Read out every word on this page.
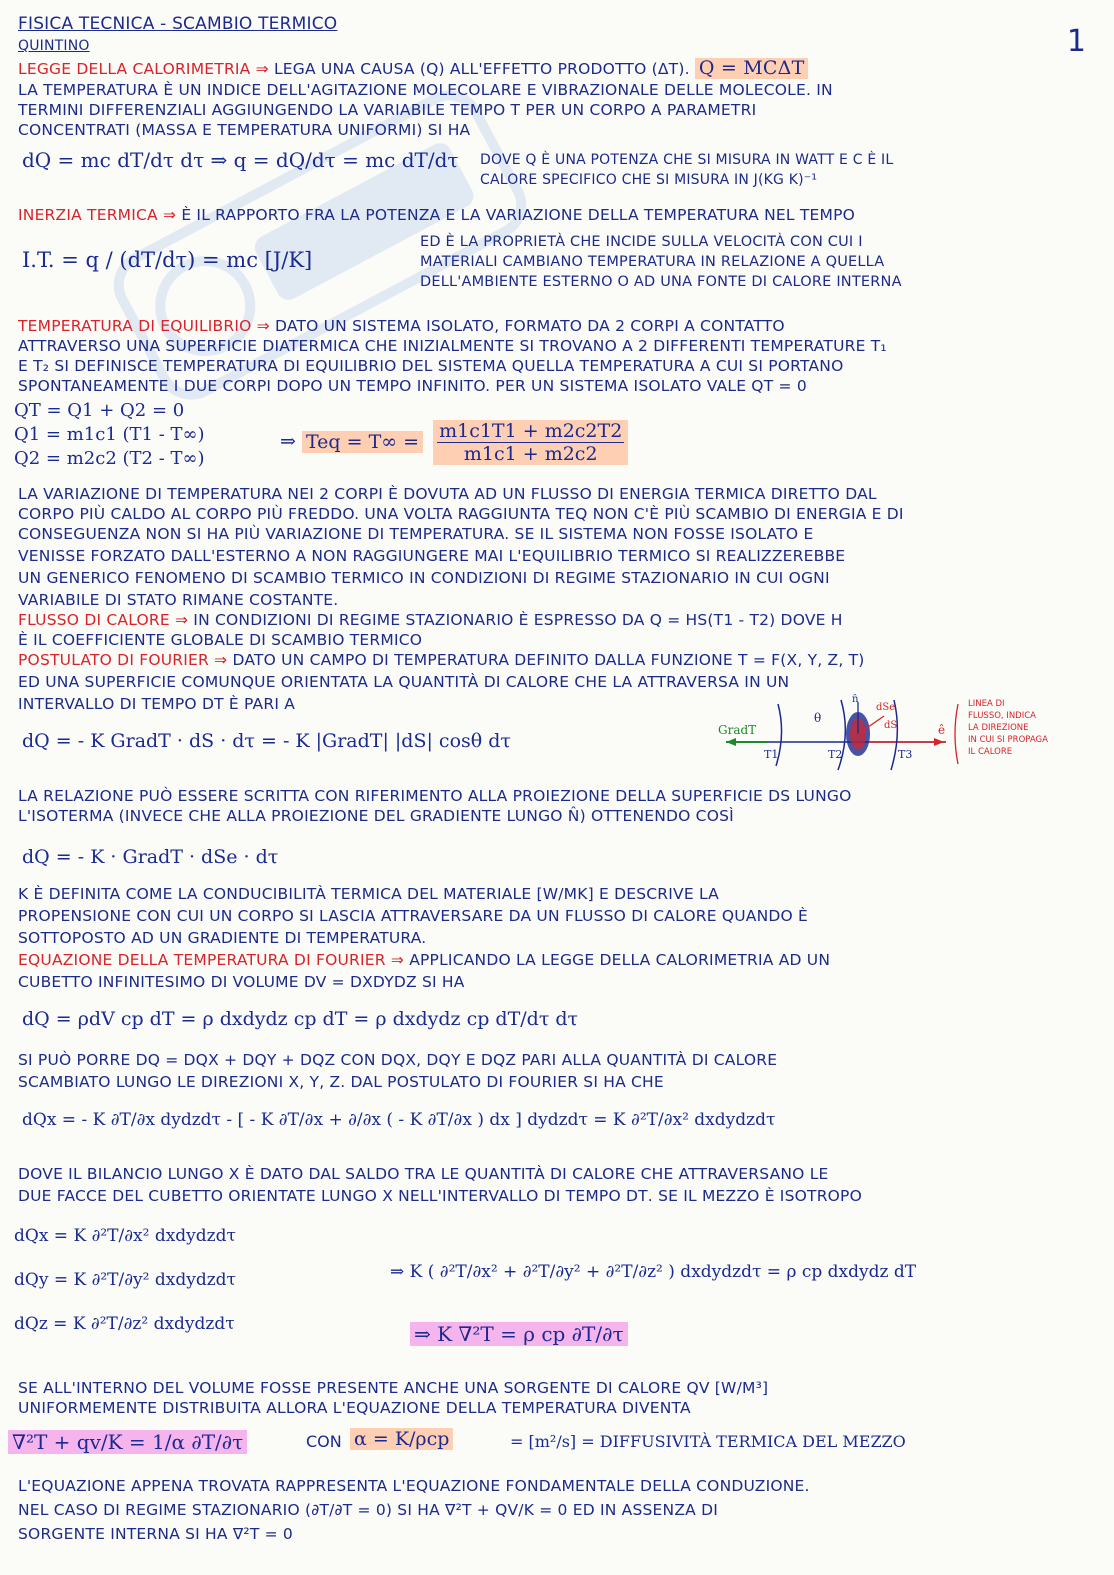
1
FISICA TECNICA - SCAMBIO TERMICO
QUINTINO
LEGGE DELLA CALORIMETRIA ⇒ LEGA UNA CAUSA (Q) ALL'EFFETTO PRODOTTO (ΔT). Q = MCΔT
LA TEMPERATURA È UN INDICE DELL'AGITAZIONE MOLECOLARE E VIBRAZIONALE DELLE MOLECOLE. IN
TERMINI DIFFERENZIALI AGGIUNGENDO LA VARIABILE TEMPO Τ PER UN CORPO A PARAMETRI
CONCENTRATI (MASSA E TEMPERATURA UNIFORMI) SI HA
dQ = mc dT/dτ dτ ⇒ q = dQ/dτ = mc dT/dτ DOVE Q È UNA POTENZA CHE SI MISURA IN WATT E C È IL
CALORE SPECIFICO CHE SI MISURA IN J(KG K)⁻¹
INERZIA TERMICA ⇒ È IL RAPPORTO FRA LA POTENZA E LA VARIAZIONE DELLA TEMPERATURA NEL TEMPO
I.T. = q / (dT/dτ) = mc [J/K]
ED È LA PROPRIETÀ CHE INCIDE SULLA VELOCITÀ CON CUI I
MATERIALI CAMBIANO TEMPERATURA IN RELAZIONE A QUELLA
DELL'AMBIENTE ESTERNO O AD UNA FONTE DI CALORE INTERNA
TEMPERATURA DI EQUILIBRIO ⇒ DATO UN SISTEMA ISOLATO, FORMATO DA 2 CORPI A CONTATTO
ATTRAVERSO UNA SUPERFICIE DIATERMICA CHE INIZIALMENTE SI TROVANO A 2 DIFFERENTI TEMPERATURE T₁
E T₂ SI DEFINISCE TEMPERATURA DI EQUILIBRIO DEL SISTEMA QUELLA TEMPERATURA A CUI SI PORTANO
SPONTANEAMENTE I DUE CORPI DOPO UN TEMPO INFINITO. PER UN SISTEMA ISOLATO VALE QT = 0
QT = Q1 + Q2 = 0
Q1 = m1c1 (T1 - T∞)
Q2 = m2c2 (T2 - T∞)
⇒ Teq = $T\infty = \frac{m1c1T1 + m2c2T2}{m1c1 + m2c2}$
LA VARIAZIONE DI TEMPERATURA NEI 2 CORPI È DOVUTA AD UN FLUSSO DI ENERGIA TERMICA DIRETTO DAL
CORPO PIÙ CALDO AL CORPO PIÙ FREDDO. UNA VOLTA RAGGIUNTA TEQ NON C'È PIÙ SCAMBIO DI ENERGIA E DI
CONSEGUENZA NON SI HA PIÙ VARIAZIONE DI TEMPERATURA. SE IL SISTEMA NON FOSSE ISOLATO E
VENISSE FORZATO DALL'ESTERNO A NON RAGGIUNGERE MAI L'EQUILIBRIO TERMICO SI REALIZZEREBBE
UN GENERICO FENOMENO DI SCAMBIO TERMICO IN CONDIZIONI DI REGIME STAZIONARIO IN CUI OGNI
VARIABILE DI STATO RIMANE COSTANTE.
FLUSSO DI CALORE ⇒ IN CONDIZIONI DI REGIME STAZIONARIO È ESPRESSO DA Q = HS(T1 - T2) DOVE H
È IL COEFFICIENTE GLOBALE DI SCAMBIO TERMICO
POSTULATO DI FOURIER ⇒ DATO UN CAMPO DI TEMPERATURA DEFINITO DALLA FUNZIONE T = F(X, Y, Z, Τ)
ED UNA SUPERFICIE COMUNQUE ORIENTATA LA QUANTITÀ DI CALORE CHE LA ATTRAVERSA IN UN
INTERVALLO DI TEMPO DΤ È PARI A
dQ = - K GradT · dS · dτ = - K |GradT| |dS| cosθ dτ	GradT
T1	T2	T3
θ
n̂
dSe
dS	ê
LINEA DI
FLUSSO, INDICA
LA DIREZIONE
IN CUI SI PROPAGA
IL CALORE
LA RELAZIONE PUÒ ESSERE SCRITTA CON RIFERIMENTO ALLA PROIEZIONE DELLA SUPERFICIE DS LUNGO
L'ISOTERMA (INVECE CHE ALLA PROIEZIONE DEL GRADIENTE LUNGO N̂) OTTENENDO COSÌ
dQ = - K · GradT · dSe · dτ
K È DEFINITA COME LA CONDUCIBILITÀ TERMICA DEL MATERIALE [W/MK] E DESCRIVE LA
PROPENSIONE CON CUI UN CORPO SI LASCIA ATTRAVERSARE DA UN FLUSSO DI CALORE QUANDO È
SOTTOPOSTO AD UN GRADIENTE DI TEMPERATURA.
EQUAZIONE DELLA TEMPERATURA DI FOURIER ⇒ APPLICANDO LA LEGGE DELLA CALORIMETRIA AD UN
CUBETTO INFINITESIMO DI VOLUME DV = DXDYDZ SI HA
dQ = ρdV cp dT = ρ dxdydz cp dT = ρ dxdydz cp dT/dτ dτ
SI PUÒ PORRE DQ = DQX + DQY + DQZ CON DQX, DQY E DQZ PARI ALLA QUANTITÀ DI CALORE
SCAMBIATO LUNGO LE DIREZIONI X, Y, Z. DAL POSTULATO DI FOURIER SI HA CHE
dQx = - K ∂T/∂x dydzdτ - [ - K ∂T/∂x + ∂/∂x ( - K ∂T/∂x ) dx ] dydzdτ = K ∂²T/∂x² dxdydzdτ
DOVE IL BILANCIO LUNGO X È DATO DAL SALDO TRA LE QUANTITÀ DI CALORE CHE ATTRAVERSANO LE
DUE FACCE DEL CUBETTO ORIENTATE LUNGO X NELL'INTERVALLO DI TEMPO DΤ. SE IL MEZZO È ISOTROPO
dQx = K ∂²T/∂x² dxdydzdτ
dQy = K ∂²T/∂y² dxdydzdτ
dQz = K ∂²T/∂z² dxdydzdτ
⇒ K ( ∂²T/∂x² + ∂²T/∂y² + ∂²T/∂z² ) dxdydzdτ = ρ cp dxdydz dT
⇒ K ∇²T = ρ cp ∂T/∂τ
SE ALL'INTERNO DEL VOLUME FOSSE PRESENTE ANCHE UNA SORGENTE DI CALORE QV [W/M³]
UNIFORMEMENTE DISTRIBUITA ALLORA L'EQUAZIONE DELLA TEMPERATURA DIVENTA
∇²T + qv/K = 1/α ∂T/∂τ	CON α = K/ρcp	= [m²/s] = DIFFUSIVITÀ TERMICA DEL MEZZO
L'EQUAZIONE APPENA TROVATA RAPPRESENTA L'EQUAZIONE FONDAMENTALE DELLA CONDUZIONE.
NEL CASO DI REGIME STAZIONARIO (∂T/∂Τ = 0) SI HA ∇²T + QV/K = 0 ED IN ASSENZA DI
SORGENTE INTERNA SI HA ∇²T = 0
